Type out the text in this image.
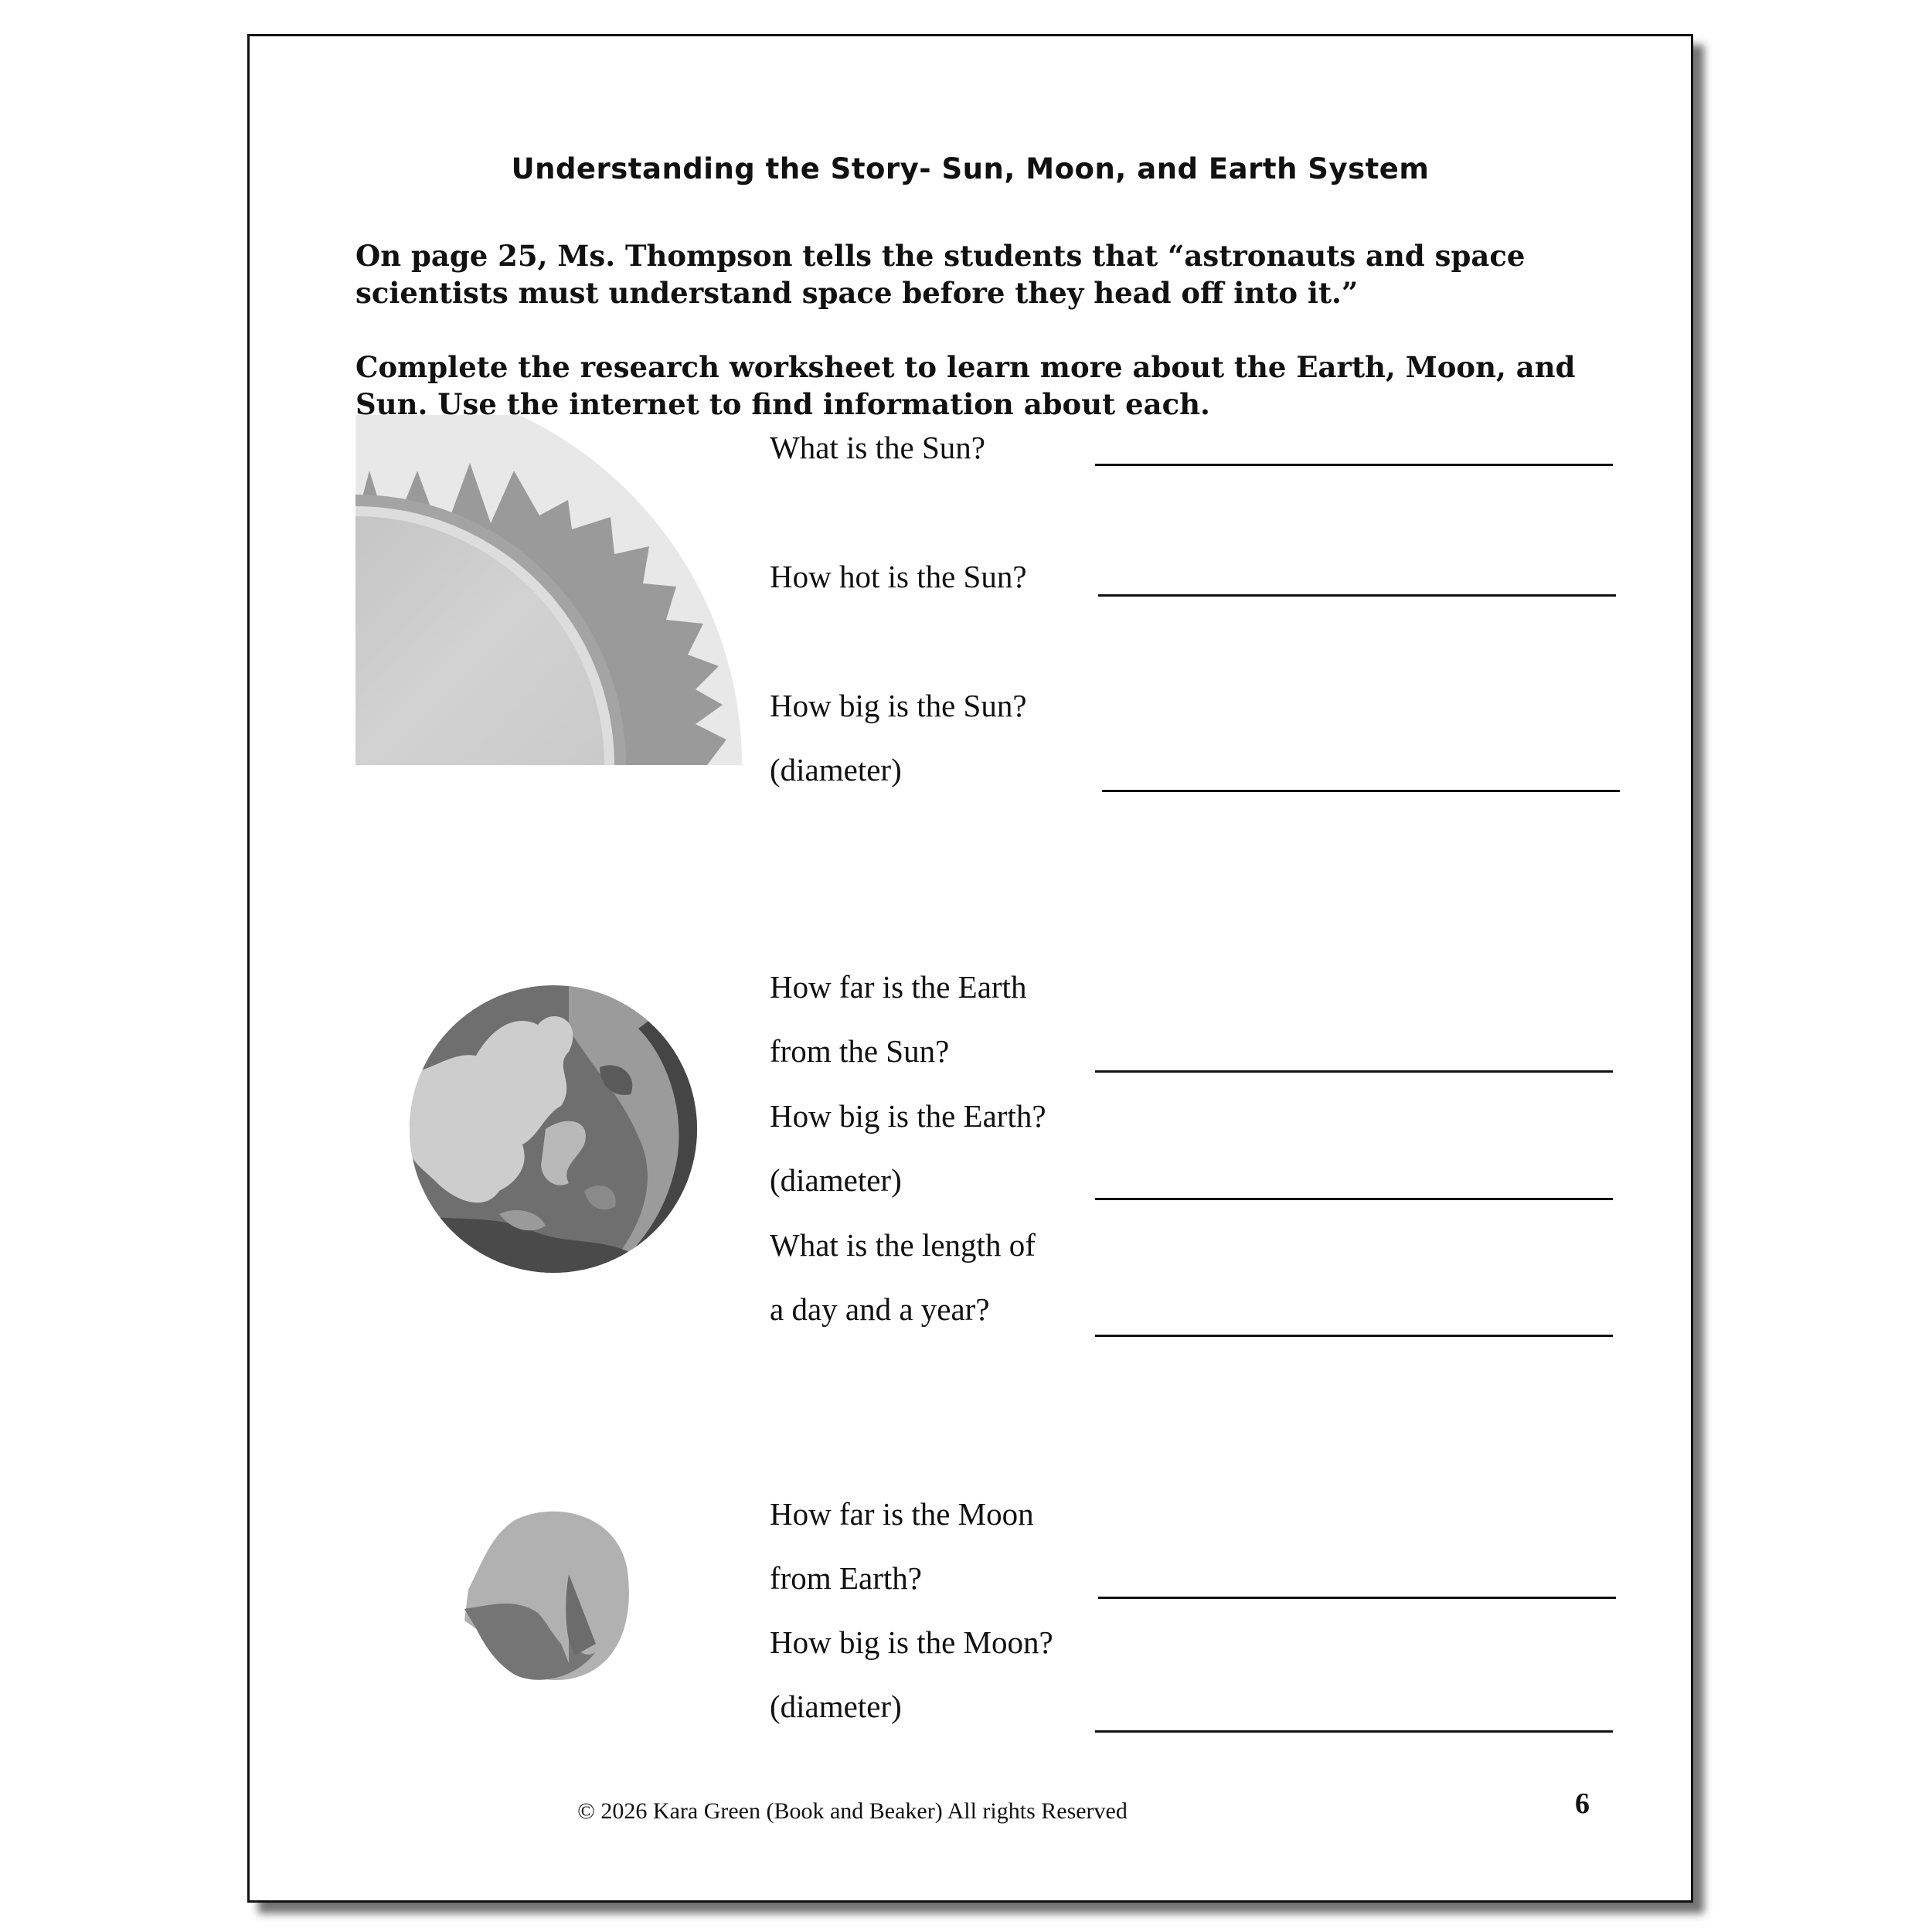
Understanding the Story- Sun, Moon, and Earth System
On page 25, Ms. Thompson tells the students that “astronauts and space scientists must understand space before they head off into it.”
Complete the research worksheet to learn more about the Earth, Moon, and Sun. Use the internet to find information about each.
What is the Sun?
How hot is the Sun?
How big is the Sun?
(diameter)
How far is the Earth
from the Sun?
How big is the Earth?
(diameter)
What is the length of
a day and a year?
How far is the Moon
from Earth?
How big is the Moon?
(diameter)
© 2026 Kara Green (Book and Beaker) All rights Reserved	6
